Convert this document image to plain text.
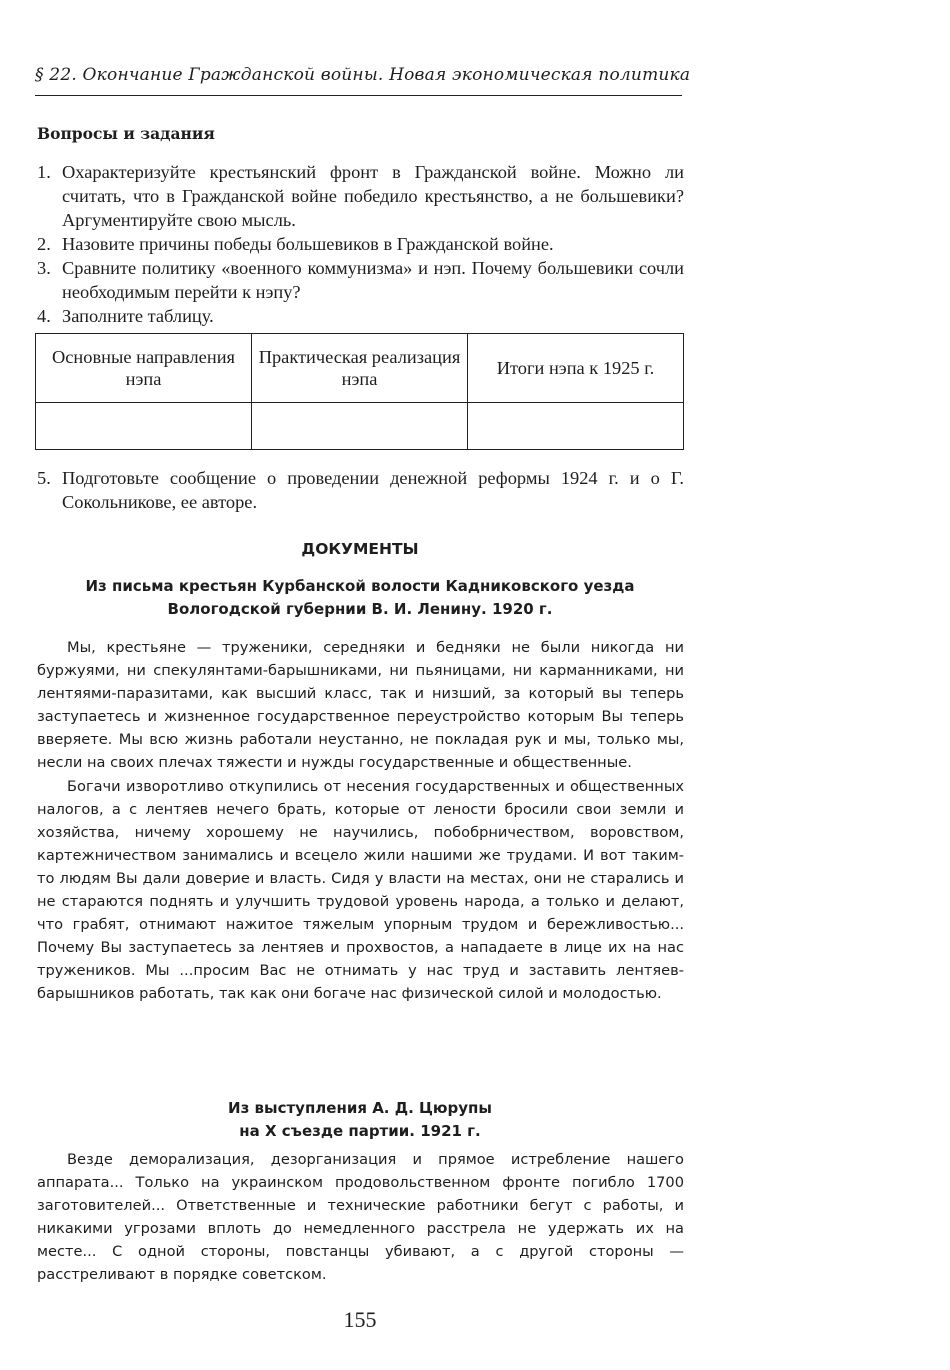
§ 22. Окончание Гражданской войны. Новая экономическая политика
Вопросы и задания
1. Охарактеризуйте крестьянский фронт в Гражданской войне. Можно ли считать, что в Гражданской войне победило крестьянство, а не большевики? Аргументируйте свою мысль.
2. Назовите причины победы большевиков в Гражданской войне.
3. Сравните политику «военного коммунизма» и нэп. Почему большевики сочли необходимым перейти к нэпу?
4. Заполните таблицу.
Основные направления нэпа	Практическая реализация нэпа	Итоги нэпа к 1925 г.

5. Подготовьте сообщение о проведении денежной реформы 1924 г. и о Г. Сокольникове, ее авторе.
ДОКУМЕНТЫ
Из письма крестьян Курбанской волости Кадниковского уезда
Вологодской губернии В. И. Ленину. 1920 г.

Мы, крестьяне — труженики, середняки и бедняки не были никогда ни буржуями, ни спекулянтами-барышниками, ни пьяницами, ни карманниками, ни лентяями-паразитами, как высший класс, так и низший, за который вы теперь заступаетесь и жизненное государственное переустройство которым Вы теперь вверяете. Мы всю жизнь работали неустанно, не покладая рук и мы, только мы, несли на своих плечах тяжести и нужды государственные и общественные.

Богачи изворотливо откупились от несения государственных и общественных налогов, а с лентяев нечего брать, которые от лености бросили свои земли и хозяйства, ничему хорошему не научились, побобрничеством, воровством, картежничеством занимались и всецело жили нашими же трудами. И вот таким-то людям Вы дали доверие и власть. Сидя у власти на местах, они не старались и не стараются поднять и улучшить трудовой уровень народа, а только и делают, что грабят, отнимают нажитое тяжелым упорным трудом и бережливостью... Почему Вы заступаетесь за лентяев и прохвостов, а нападаете в лице их на нас тружеников. Мы ...просим Вас не отнимать у нас труд и заставить лентяев-барышников работать, так как они богаче нас физической силой и молодостью.

Из выступления А. Д. Цюрупы
на X съезде партии. 1921 г.

Везде деморализация, дезорганизация и прямое истребление нашего аппарата... Только на украинском продовольственном фронте погибло 1700 заготовителей... Ответственные и технические работники бегут с работы, и никакими угрозами вплоть до немедленного расстрела не удержать их на месте... С одной стороны, повстанцы убивают, а с другой стороны — расстреливают в порядке советском.

155
